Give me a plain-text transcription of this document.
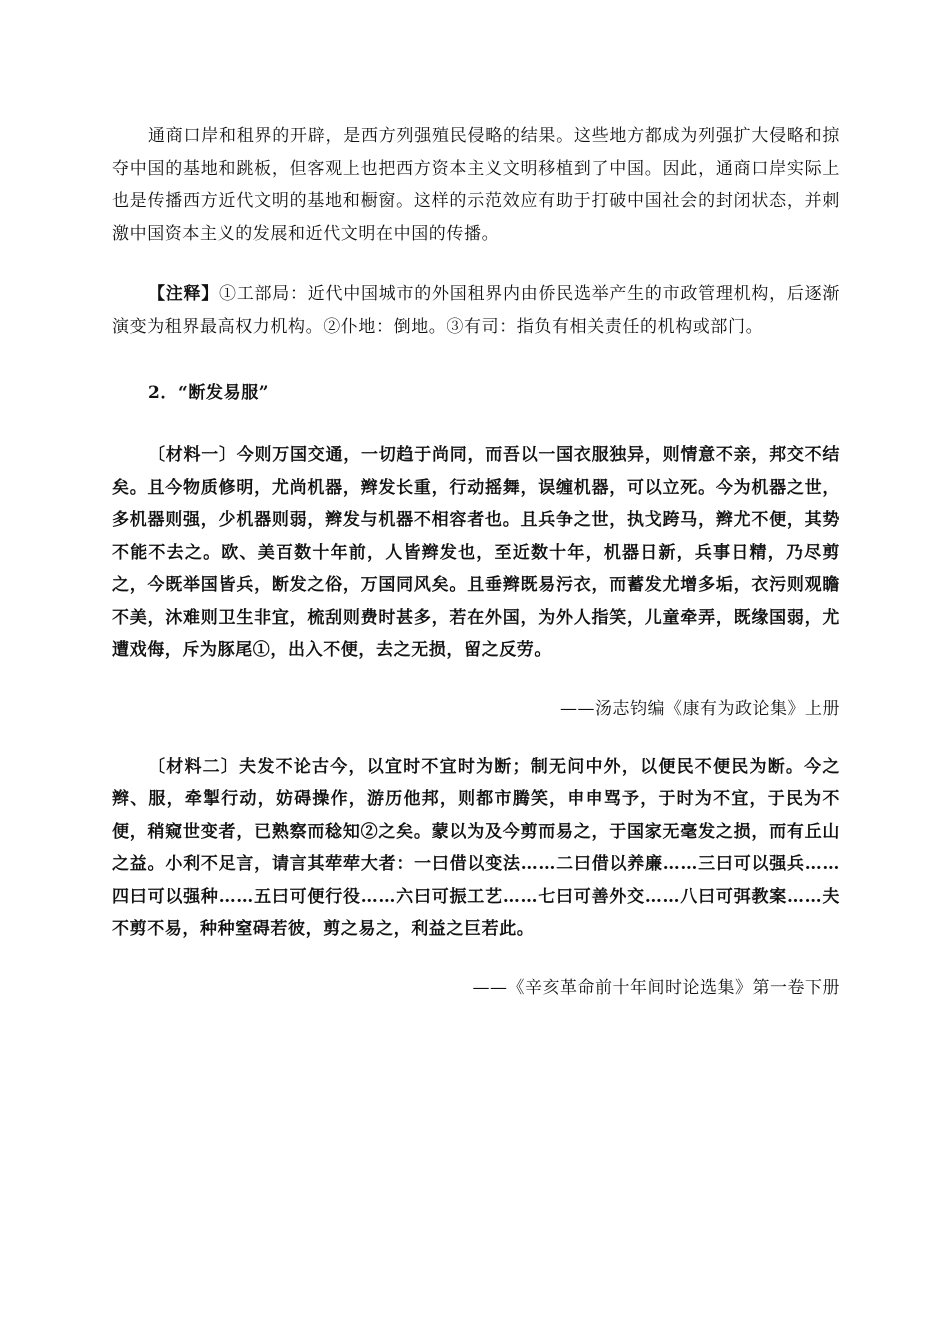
通商口岸和租界的开辟，是西方列强殖民侵略的结果。这些地方都成为列强扩大侵略和掠夺中国的基地和跳板，但客观上也把西方资本主义文明移植到了中国。因此，通商口岸实际上也是传播西方近代文明的基地和橱窗。这样的示范效应有助于打破中国社会的封闭状态，并刺激中国资本主义的发展和近代文明在中国的传播。

【注释】①工部局：近代中国城市的外国租界内由侨民选举产生的市政管理机构，后逐渐演变为租界最高权力机构。②仆地：倒地。③有司：指负有相关责任的机构或部门。

2．“断发易服”

〔材料一〕今则万国交通，一切趋于尚同，而吾以一国衣服独异，则情意不亲，邦交不结矣。且今物质修明，尤尚机器，辫发长重，行动摇舞，误缠机器，可以立死。今为机器之世，多机器则强，少机器则弱，辫发与机器不相容者也。且兵争之世，执戈跨马，辫尤不便，其势不能不去之。欧、美百数十年前，人皆辫发也，至近数十年，机器日新，兵事日精，乃尽剪之，今既举国皆兵，断发之俗，万国同风矣。且垂辫既易污衣，而蓄发尤增多垢，衣污则观瞻不美，沐难则卫生非宜，梳刮则费时甚多，若在外国，为外人指笑，儿童牵弄，既缘国弱，尤遭戏侮，斥为豚尾①，出入不便，去之无损，留之反劳。

——汤志钧编《康有为政论集》上册

〔材料二〕夫发不论古今，以宜时不宜时为断；制无问中外，以便民不便民为断。今之辫、服，牵掣行动，妨碍操作，游历他邦，则都市腾笑，申申骂予，于时为不宜，于民为不便，稍窥世变者，已熟察而稔知②之矣。蒙以为及今剪而易之，于国家无毫发之损，而有丘山之益。小利不足言，请言其荦荦大者：一曰借以变法……二曰借以养廉……三曰可以强兵……四曰可以强种……五曰可便行役……六曰可振工艺……七曰可善外交……八曰可弭教案……夫不剪不易，种种窒碍若彼，剪之易之，利益之巨若此。

——《辛亥革命前十年间时论选集》第一卷下册
